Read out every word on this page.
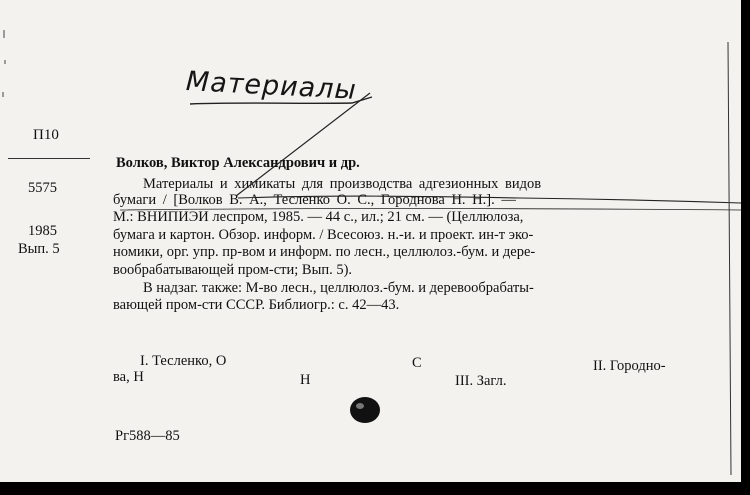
Материалы
П10
5575
1985
Вып. 5
Волков, Виктор Александрович и др.
Материалы и химикаты для производства адгезионных видов
бумаги / [Волков В. А., Тесленко О. С., Городнова Н. Н.]. —
М.: ВНИПИЭИ леспром, 1985. — 44 с., ил.; 21 см. — (Целлюлоза,
бумага и картон. Обзор. информ. / Всесоюз. н.-и. и проект. ин-т эко-
номики, орг. упр. пр-вом и информ. по лесн., целлюлоз.-бум. и дере-
вообрабатывающей пром-сти; Вып. 5).
В надзаг. также: М-во лесн., целлюлоз.-бум. и деревообрабаты-
вающей пром-сти СССР. Библиогр.: с. 42—43.
I. Тесленко, О	С	II. Городно-
ва, Н	Н	III. Загл.
Рг588—85
